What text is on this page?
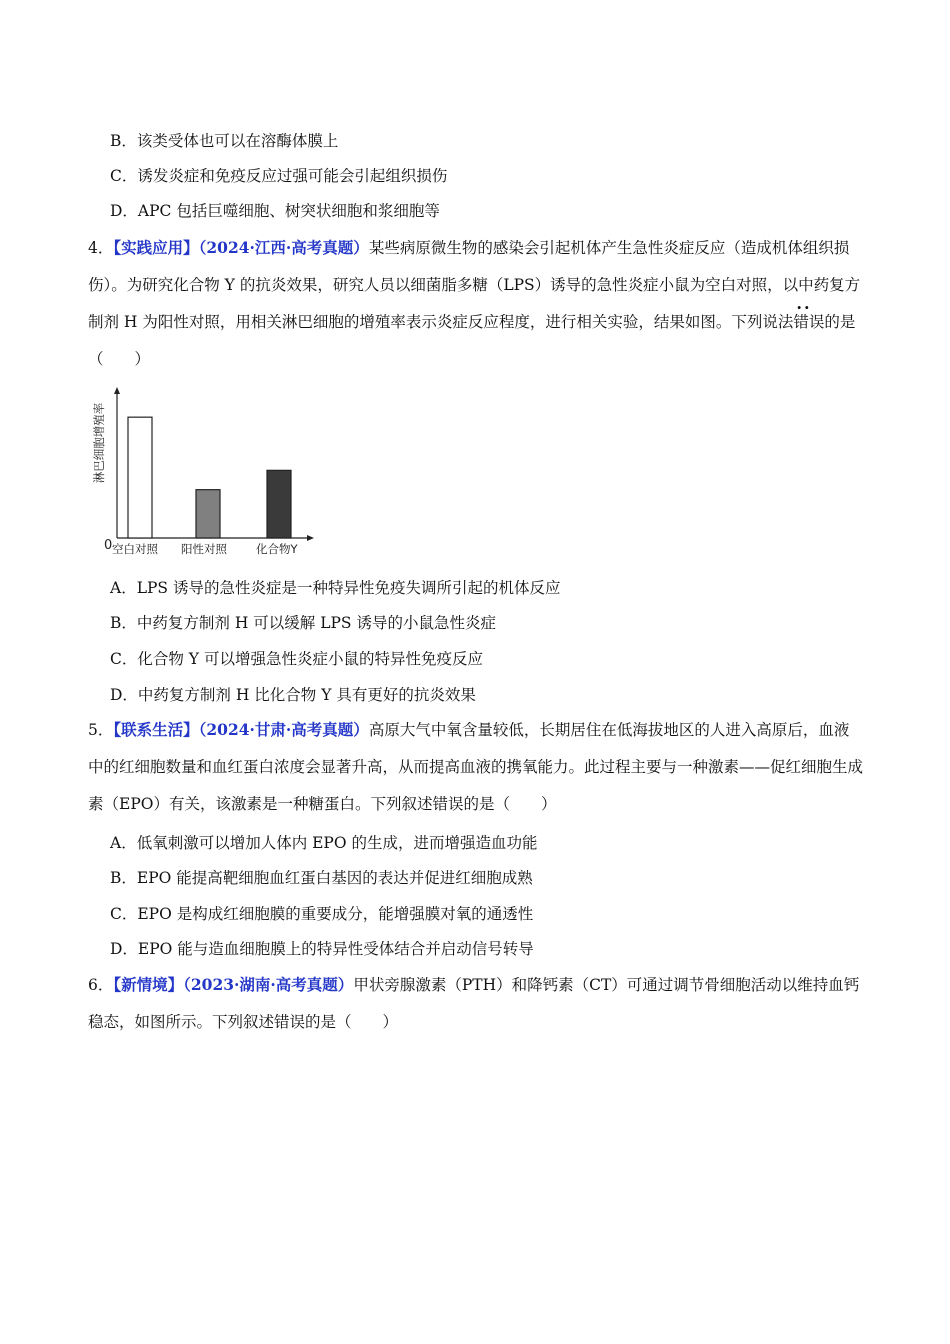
B．该类受体也可以在溶酶体膜上
C．诱发炎症和免疫反应过强可能会引起组织损伤
D．APC 包括巨噬细胞、树突状细胞和浆细胞等
4．【实践应用】（2024·江西·高考真题）某些病原微生物的感染会引起机体产生急性炎症反应（造成机体组织损伤）。为研究化合物 Y 的抗炎效果，研究人员以细菌脂多糖（LPS）诱导的急性炎症小鼠为空白对照，以中药复方制剂 H 为阳性对照，用相关淋巴细胞的增殖率表示炎症反应程度，进行相关实验，结果如图。下列说法·· 错误的是（　　）
淋巴细胞增殖率
0 空白对照 阳性对照	化合物Y
A．LPS 诱导的急性炎症是一种特异性免疫失调所引起的机体反应
B．中药复方制剂 H 可以缓解 LPS 诱导的小鼠急性炎症
C．化合物 Y 可以增强急性炎症小鼠的特异性免疫反应
D．中药复方制剂 H 比化合物 Y 具有更好的抗炎效果
5．【联系生活】（2024·甘肃·高考真题）高原大气中氧含量较低，长期居住在低海拔地区的人进入高原后，血液中的红细胞数量和血红蛋白浓度会显著升高，从而提高血液的携氧能力。此过程主要与一种激素——促红细胞生成素（EPO）有关，该激素是一种糖蛋白。下列叙述错误的是（　　）
A．低氧刺激可以增加人体内 EPO 的生成，进而增强造血功能
B．EPO 能提高靶细胞血红蛋白基因的表达并促进红细胞成熟
C．EPO 是构成红细胞膜的重要成分，能增强膜对氧的通透性
D．EPO 能与造血细胞膜上的特异性受体结合并启动信号转导
6．【新情境】（2023·湖南·高考真题）甲状旁腺激素（PTH）和降钙素（CT）可通过调节骨细胞活动以维持血钙稳态，如图所示。下列叙述错误的是（　　）
